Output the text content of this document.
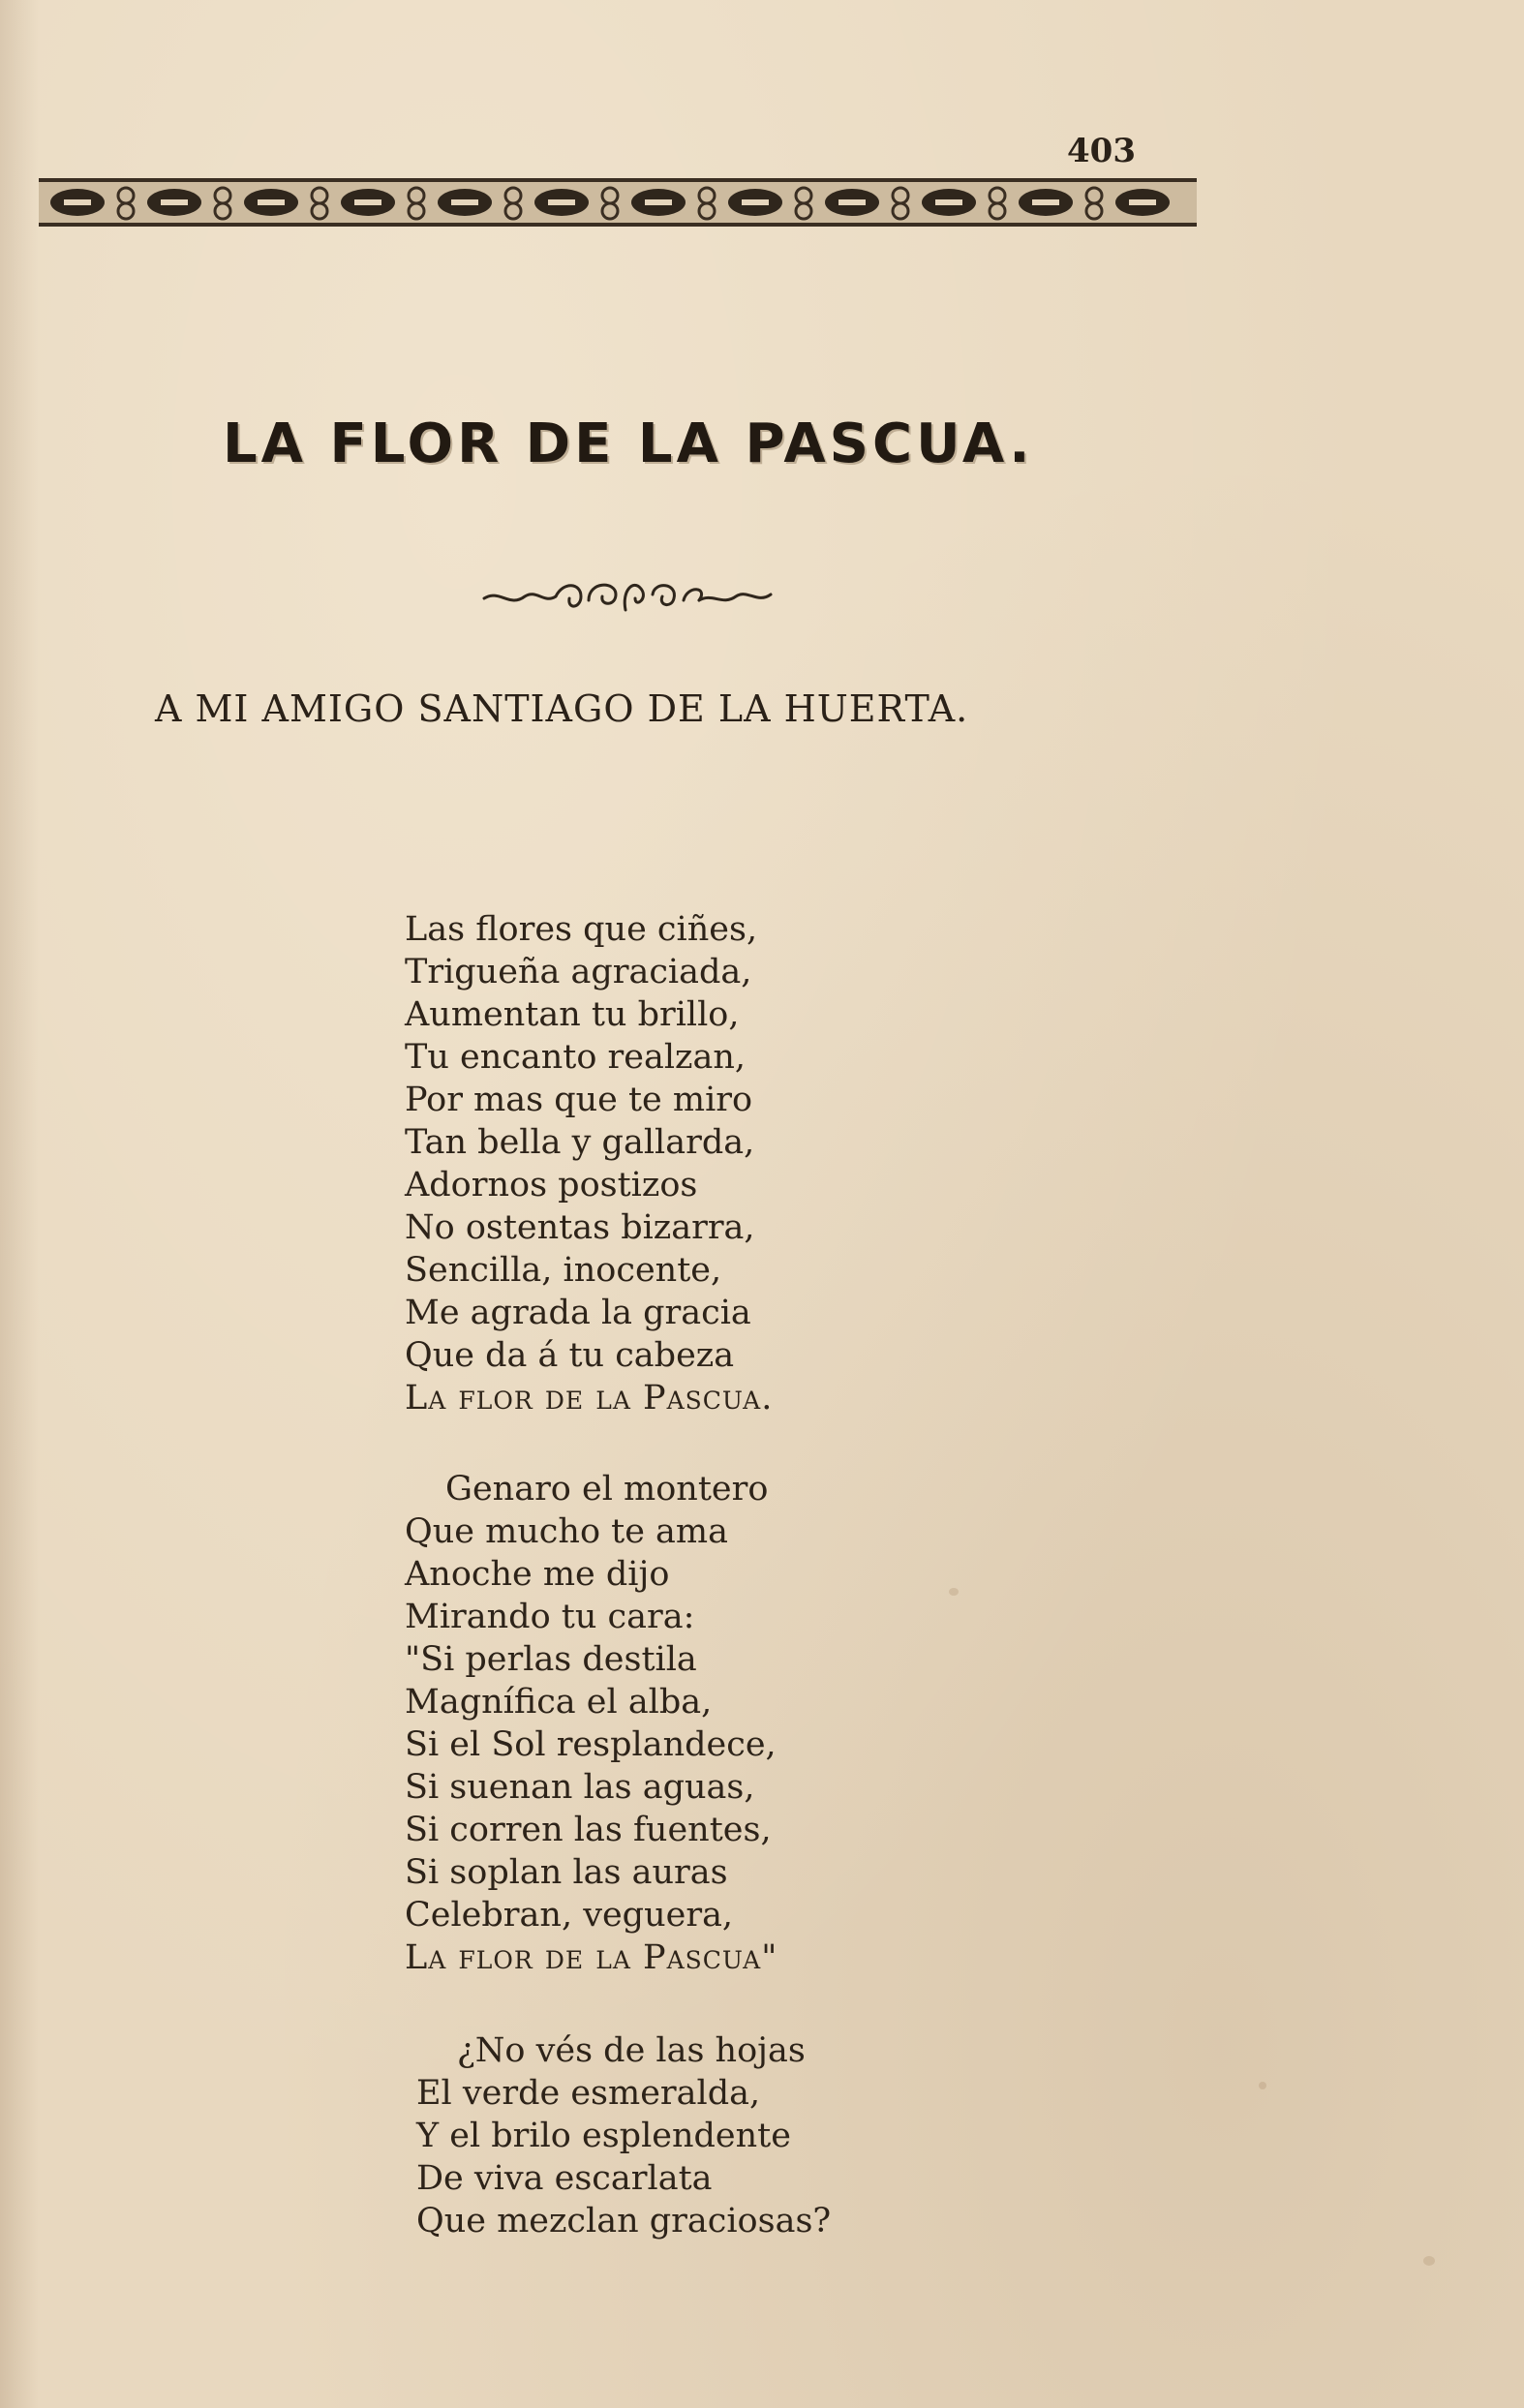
403

LA FLOR DE LA PASCUA.

A MI AMIGO SANTIAGO DE LA HUERTA.

Las flores que ciñes,
Trigueña agraciada,
Aumentan tu brillo,
Tu encanto realzan,
Por mas que te miro
Tan bella y gallarda,
Adornos postizos
No ostentas bizarra,
Sencilla, inocente,
Me agrada la gracia
Que da á tu cabeza
La flor de la Pascua.
Genaro el montero
Que mucho te ama
Anoche me dijo
Mirando tu cara:
"Si perlas destila
Magnífica el alba,
Si el Sol resplandece,
Si suenan las aguas,
Si corren las fuentes,
Si soplan las auras
Celebran, veguera,
La flor de la Pascua"
¿No vés de las hojas
El verde esmeralda,
Y el brilo esplendente
De viva escarlata
Que mezclan graciosas?
